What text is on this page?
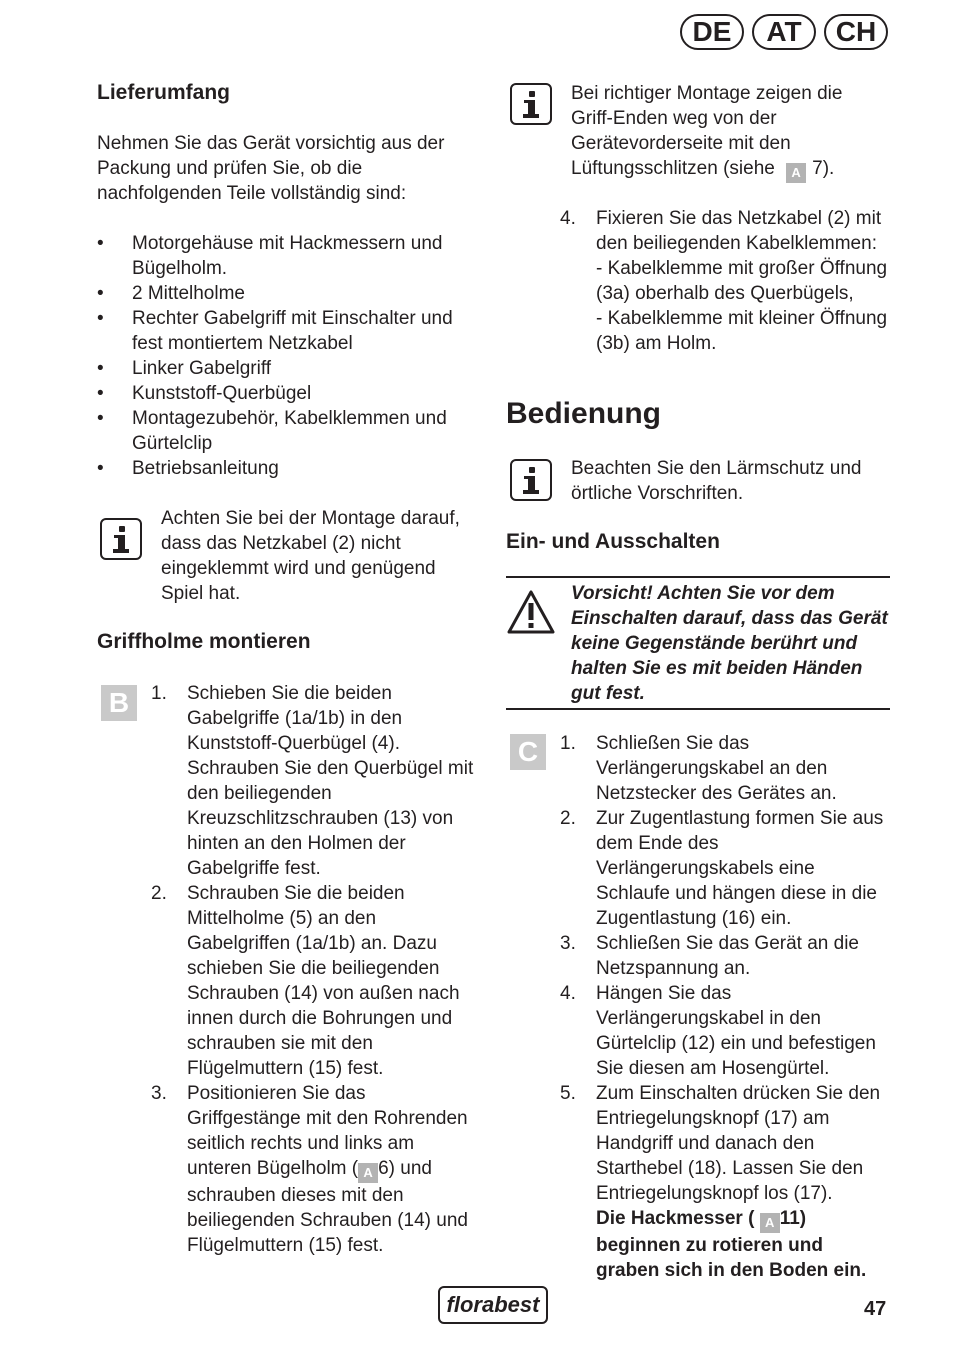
DE	AT	CH
Lieferumfang

Nehmen Sie das Gerät vorsichtig aus der Packung und prüfen Sie, ob die nachfolgenden Teile vollständig sind:

• Motorgehäuse mit Hackmessern und Bügelholm.
• 2 Mittelholme
• Rechter Gabelgriff mit Einschalter und fest montiertem Netzkabel
• Linker Gabelgriff
• Kunststoff-Querbügel
• Montagezubehör, Kabelklemmen und Gürtelclip
• Betriebsanleitung

Achten Sie bei der Montage darauf, dass das Netzkabel (2) nicht eingeklemmt wird und genügend Spiel hat.

Griffholme montieren
B	1. Schieben Sie die beiden Gabelgriffe (1a/1b) in den Kunststoff-Querbügel (4). Schrauben Sie den Querbügel mit den beiliegenden Kreuzschlitzschrauben (13) von hinten an den Holmen der Gabelgriffe fest.
2. Schrauben Sie die beiden Mittelholme (5) an den Gabelgriffen (1a/1b) an. Dazu schieben Sie die beiliegenden Schrauben (14) von außen nach innen durch die Bohrungen und schrauben sie mit den Flügelmuttern (15) fest.
3. Positionieren Sie das Griffgestänge mit den Rohrenden seitlich rechts und links am unteren Bügelholm ( A 6) und schrauben dieses mit den beiliegenden Schrauben (14) und Flügelmuttern (15) fest.

Bei richtiger Montage zeigen die Griff-Enden weg von der Gerätevorderseite mit den Lüftungsschlitzen (siehe A 7).

4. Fixieren Sie das Netzkabel (2) mit den beiliegenden Kabelklemmen:
- Kabelklemme mit großer Öffnung (3a) oberhalb des Querbügels,
- Kabelklemme mit kleiner Öffnung (3b) am Holm.
Bedienung

Beachten Sie den Lärmschutz und örtliche Vorschriften.

Ein- und Ausschalten

Vorsicht! Achten Sie vor dem Einschalten darauf, dass das Gerät keine Gegenstände berührt und halten Sie es mit beiden Händen gut fest.

C	1. Schließen Sie das Verlängerungskabel an den Netzstecker des Gerätes an.
2. Zur Zugentlastung formen Sie aus dem Ende des Verlängerungskabels eine Schlaufe und hängen diese in die Zugentlastung (16) ein.
3. Schließen Sie das Gerät an die Netzspannung an.
4. Hängen Sie das Verlängerungskabel in den Gürtelclip (12) ein und befestigen Sie diesen am Hosengürtel.
5. Zum Einschalten drücken Sie den Entriegelungsknopf (17) am Handgriff und danach den Starthebel (18). Lassen Sie den Entriegelungsknopf los (17).
Die Hackmesser ( A 11) beginnen zu rotieren und graben sich in den Boden ein.
florabest	47
